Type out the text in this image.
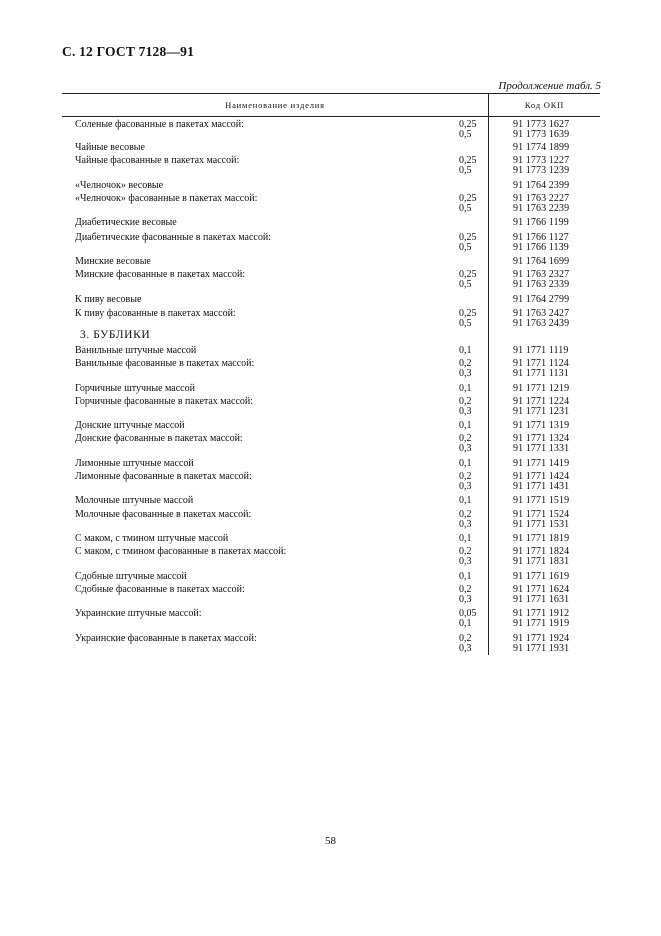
С. 12 ГОСТ 7128—91
Продолжение табл. 5
Наименование изделия	Код ОКП
3. БУБЛИКИ
Соленые фасованные в пакетах массой:	0,25	91 1773 1627
0,5	91 1773 1639
Чайные весовые	91 1774 1899
Чайные фасованные в пакетах массой:	0,25	91 1773 1227
0,5	91 1773 1239
«Челночок» весовые	91 1764 2399
«Челночок» фасованные в пакетах массой:	0,25	91 1763 2227
0,5	91 1763 2239
Диабетические весовые	91 1766 1199
Диабетические фасованные в пакетах массой:	0,25	91 1766 1127
0,5	91 1766 1139
Минские весовые	91 1764 1699
Минские фасованные в пакетах массой:	0,25	91 1763 2327
0,5	91 1763 2339
К пиву весовые	91 1764 2799
К пиву фасованные в пакетах массой:	0,25	91 1763 2427
0,5	91 1763 2439
Ванильные штучные массой	0,1	91 1771 1119
Ванильные фасованные в пакетах массой:	0,2	91 1771 1124
0,3	91 1771 1131
Горчичные штучные массой	0,1	91 1771 1219
Горчичные фасованные в пакетах массой:	0,2	91 1771 1224
0,3	91 1771 1231
Донские штучные массой	0,1	91 1771 1319
Донские фасованные в пакетах массой:	0,2	91 1771 1324
0,3	91 1771 1331
Лимонные штучные массой	0,1	91 1771 1419
Лимонные фасованные в пакетах массой:	0,2	91 1771 1424
0,3	91 1771 1431
Молочные штучные массой	0,1	91 1771 1519
Молочные фасованные в пакетах массой:	0,2	91 1771 1524
0,3	91 1771 1531
С маком, с тмином штучные массой	0,1	91 1771 1819
С маком, с тмином фасованные в пакетах массой:	0,2	91 1771 1824
0,3	91 1771 1831
Сдобные штучные массой	0,1	91 1771 1619
Сдобные фасованные в пакетах массой:	0,2	91 1771 1624
0,3	91 1771 1631
Украинские штучные массой:	0,05	91 1771 1912
0,1	91 1771 1919
Украинские фасованные в пакетах массой:	0,2	91 1771 1924
0,3	91 1771 1931
58
